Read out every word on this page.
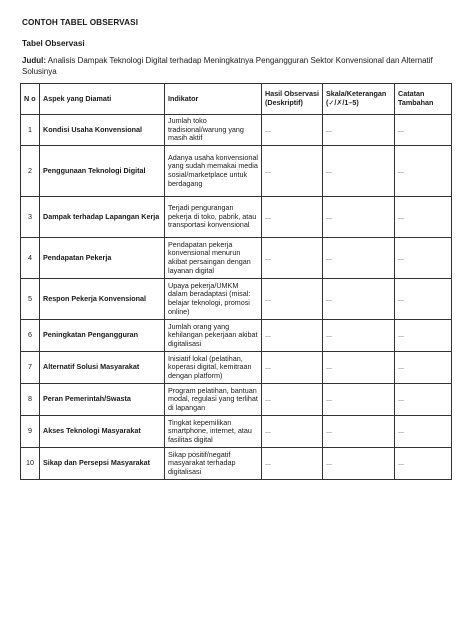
CONTOH TABEL OBSERVASI
Tabel Observasi
Judul: Analisis Dampak Teknologi Digital terhadap Meningkatnya Pengangguran Sektor Konvensional dan Alternatif Solusinya
N o	Aspek yang Diamati	Indikator	Hasil Observasi (Deskriptif)	Skala/Keterangan (✓/✗/1–5)	Catatan Tambahan
1	Kondisi Usaha Konvensional	Jumlah toko tradisional/warung yang masih aktif	...	...	...
2	Penggunaan Teknologi Digital	Adanya usaha konvensional yang sudah memakai media sosial/marketplace untuk berdagang	...	...	...
3	Dampak terhadap Lapangan Kerja	Terjadi pengurangan pekerja di toko, pabrik, atau transportasi konvensional	...	...	...
4	Pendapatan Pekerja	Pendapatan pekerja konvensional menurun akibat persaingan dengan layanan digital	...	...	...
5	Respon Pekerja Konvensional	Upaya pekerja/UMKM dalam beradaptasi (misal: belajar teknologi, promosi online)	...	...	...
6	Peningkatan Pengangguran	Jumlah orang yang kehilangan pekerjaan akibat digitalisasi	...	...	...
7	Alternatif Solusi Masyarakat	Inisiatif lokal (pelatihan, koperasi digital, kemitraan dengan platform)	...	...	...
8	Peran Pemerintah/Swasta	Program pelatihan, bantuan modal, regulasi yang terlihat di lapangan	...	...	...
9	Akses Teknologi Masyarakat	Tingkat kepemilikan smartphone, internet, atau fasilitas digital	...	...	...
10	Sikap dan Persepsi Masyarakat	Sikap positif/negatif masyarakat terhadap digitalisasi	...	...	...
